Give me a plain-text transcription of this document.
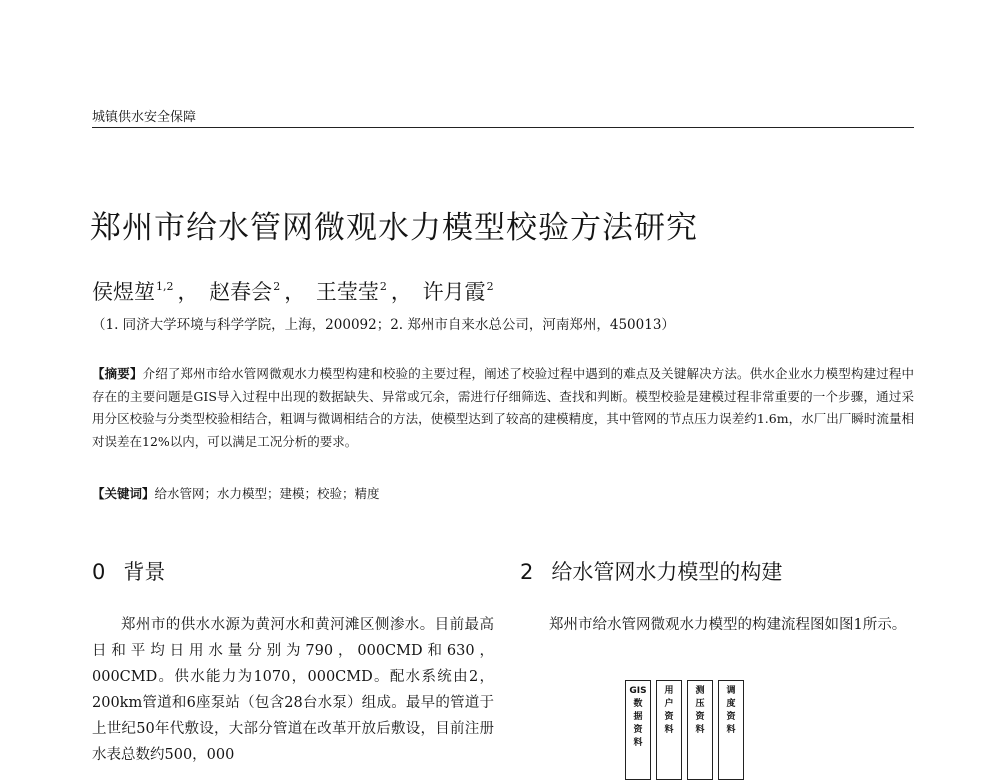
城镇供水安全保障
郑州市给水管网微观水力模型校验方法研究
侯煜堃$^{1,2}$ ， 赵春会$^2$ ， 王莹莹$^2$ ， 许月霞$^2$
（1. 同济大学环境与科学学院，上海，200092；2. 郑州市自来水总公司，河南郑州，450013）
【摘要】介绍了郑州市给水管网微观水力模型构建和校验的主要过程，阐述了校验过程中遇到的难点及关键解决方法。供水企业水力模型构建过程中存在的主要问题是GIS导入过程中出现的数据缺失、异常或冗余，需进行仔细筛选、查找和判断。模型校验是建模过程非常重要的一个步骤，通过采用分区校验与分类型校验相结合，粗调与微调相结合的方法，使模型达到了较高的建模精度，其中管网的节点压力误差约1.6m，水厂出厂瞬时流量相对误差在12%以内，可以满足工况分析的要求。
【关键词】给水管网；水力模型；建模；校验；精度
0 背景
郑州市的供水水源为黄河水和黄河滩区侧渗水。目前最高日和平均日用水量分别为790，000CMD和630，000CMD。供水能力为1070，000CMD。配水系统由2，200km管道和6座泵站（包含28台水泵）组成。最早的管道于上世纪50年代敷设，大部分管道在改革开放后敷设，目前注册水表总数约500，000
2 给水管网水力模型的构建
郑州市给水管网微观水力模型的构建流程图如图1所示。
GIS
数
据
资
料
用
户
资
料
测
压
资
料
调
度
资
料
